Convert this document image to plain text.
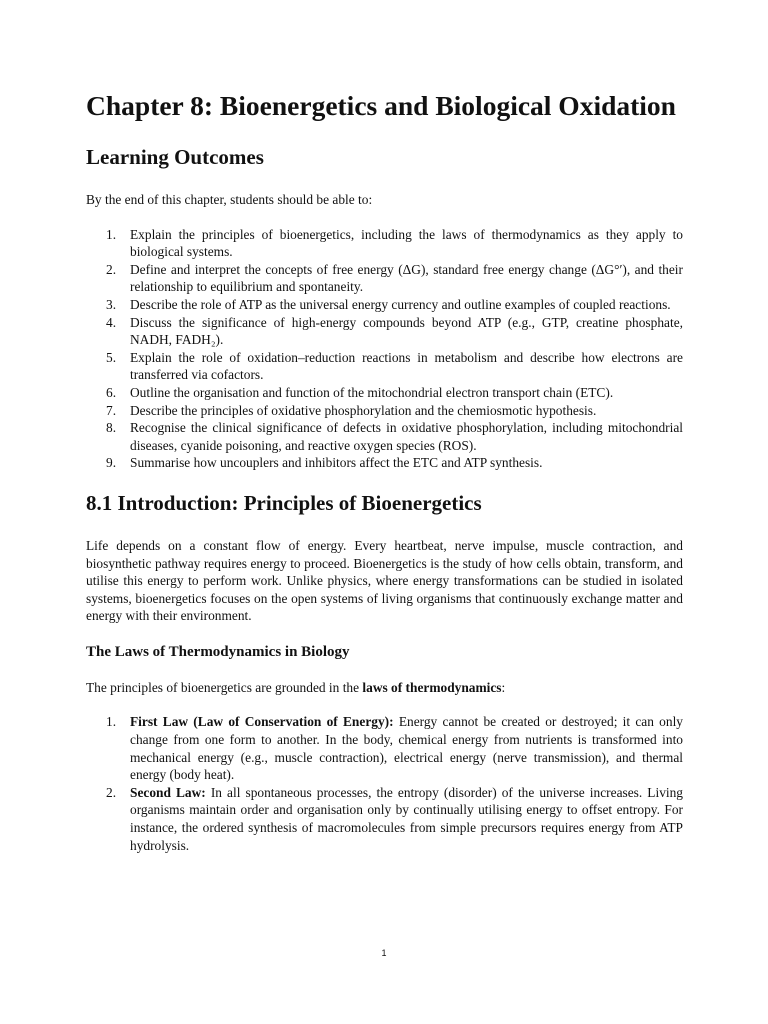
Chapter 8: Bioenergetics and Biological Oxidation
Learning Outcomes

By the end of this chapter, students should be able to:

1. Explain the principles of bioenergetics, including the laws of thermodynamics as they apply to biological systems.
2. Define and interpret the concepts of free energy (ΔG), standard free energy change (ΔG°′), and their relationship to equilibrium and spontaneity.
3. Describe the role of ATP as the universal energy currency and outline examples of coupled reactions.
4. Discuss the significance of high-energy compounds beyond ATP (e.g., GTP, creatine phosphate, NADH, FADH₂).
5. Explain the role of oxidation–reduction reactions in metabolism and describe how electrons are transferred via cofactors.
6. Outline the organisation and function of the mitochondrial electron transport chain (ETC).
7. Describe the principles of oxidative phosphorylation and the chemiosmotic hypothesis.
8. Recognise the clinical significance of defects in oxidative phosphorylation, including mitochondrial diseases, cyanide poisoning, and reactive oxygen species (ROS).
9. Summarise how uncouplers and inhibitors affect the ETC and ATP synthesis.
8.1 Introduction: Principles of Bioenergetics

Life depends on a constant flow of energy. Every heartbeat, nerve impulse, muscle contraction, and biosynthetic pathway requires energy to proceed. Bioenergetics is the study of how cells obtain, transform, and utilise this energy to perform work. Unlike physics, where energy transformations can be studied in isolated systems, bioenergetics focuses on the open systems of living organisms that continuously exchange matter and energy with their environment.

The Laws of Thermodynamics in Biology

The principles of bioenergetics are grounded in the laws of thermodynamics:

1. First Law (Law of Conservation of Energy): Energy cannot be created or destroyed; it can only change from one form to another. In the body, chemical energy from nutrients is transformed into mechanical energy (e.g., muscle contraction), electrical energy (nerve transmission), and thermal energy (body heat).
2. Second Law: In all spontaneous processes, the entropy (disorder) of the universe increases. Living organisms maintain order and organisation only by continually utilising energy to offset entropy. For instance, the ordered synthesis of macromolecules from simple precursors requires energy from ATP hydrolysis.
1
